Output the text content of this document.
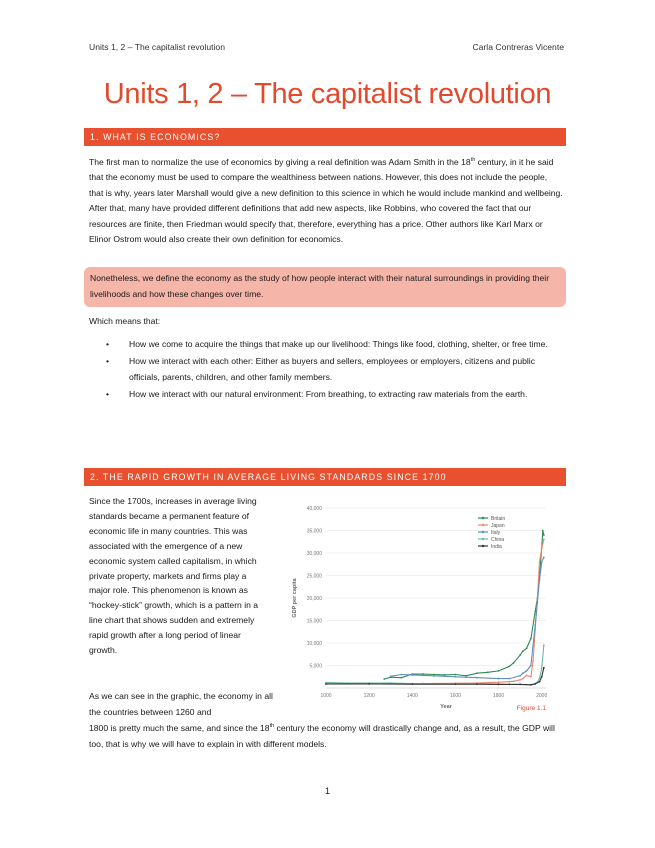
Units 1, 2 – The capitalist revolution	Carla Contreras Vicente
Units 1, 2 – The capitalist revolution
1. WHAT IS ECONOMICS?

The first man to normalize the use of economics by giving a real definition was Adam Smith in the 18th century, in it he said that the economy must be used to compare the wealthiness between nations. However, this does not include the people, that is why, years later Marshall would give a new definition to this science in which he would include mankind and wellbeing. After that, many have provided different definitions that add new aspects, like Robbins, who covered the fact that our resources are finite, then Friedman would specify that, therefore, everything has a price. Other authors like Karl Marx or Elinor Ostrom would also create their own definition for economics.

Nonetheless, we define the economy as the study of how people interact with their natural surroundings in providing their livelihoods and how these changes over time.

Which means that:

• How we come to acquire the things that make up our livelihood: Things like food, clothing, shelter, or free time.
• How we interact with each other: Either as buyers and sellers, employees or employers, citizens and public officials, parents, children, and other family members.
• How we interact with our natural environment: From breathing, to extracting raw materials from the earth.
2. THE RAPID GROWTH IN AVERAGE LIVING STANDARDS SINCE 1700

Since the 1700s, increases in average living standards became a permanent feature of economic life in many countries. This was associated with the emergence of a new economic system called capitalism, in which private property, markets and firms play a major role. This phenomenon is known as “hockey-stick” growth, which is a pattern in a line chart that shows sudden and extremely rapid growth after a long period of linear growth.

5,000
10,000
15,000
20,000
25,000
30,000
35,000
40,000
1000	1200	1400	1600	1800	2000
Year
GDP per capita
Britain
Japan
Italy
China
India
Figure 1.1

As we can see in the graphic, the economy in all the countries between 1260 and
1800 is pretty much the same, and since the 18th century the economy will drastically change and, as a result, the GDP will too, that is why we will have to explain in with different models.

1
